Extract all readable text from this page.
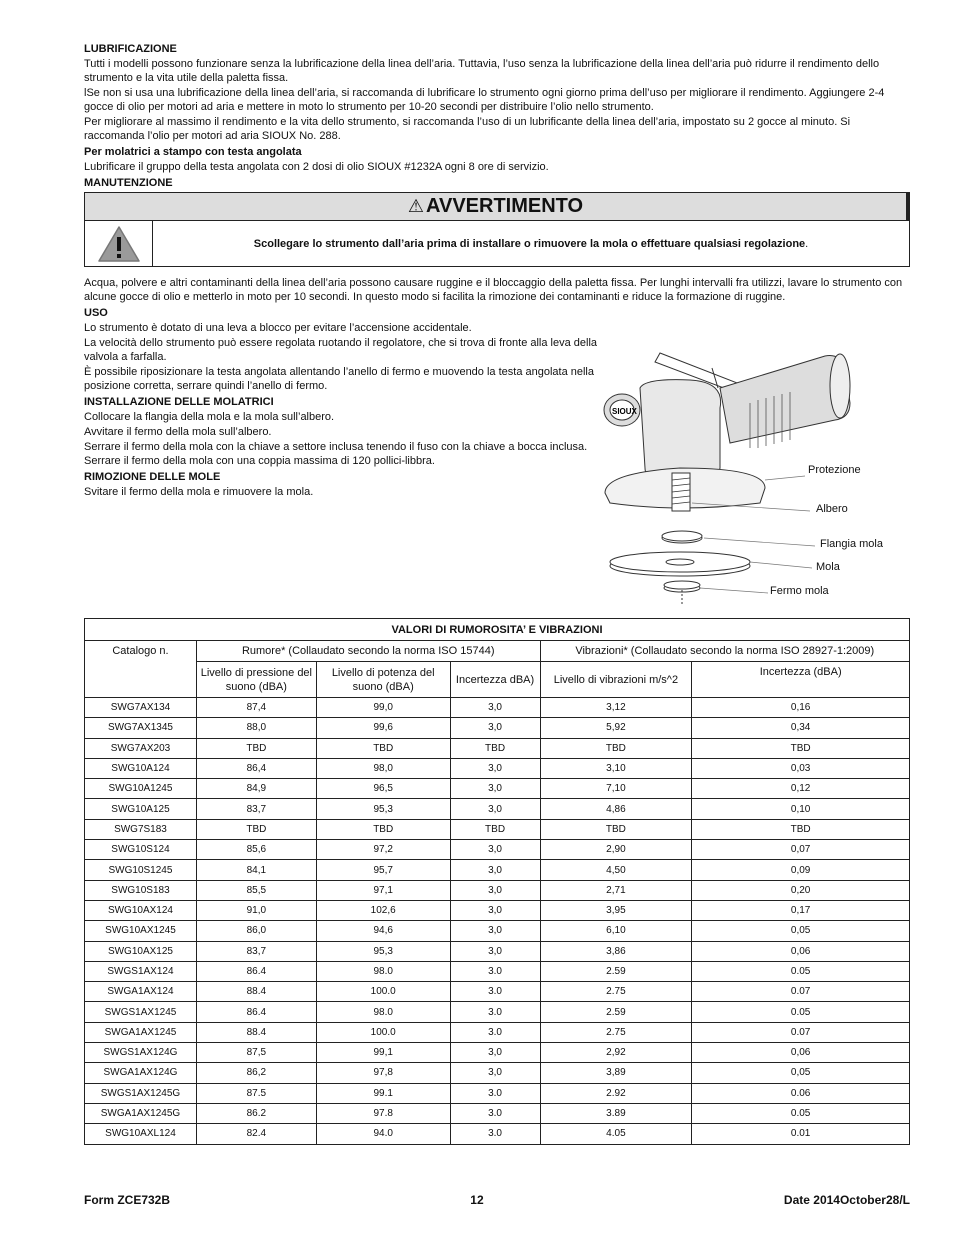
LUBRIFICAZIONE
Tutti i modelli possono funzionare senza la lubrificazione della linea dell’aria. Tuttavia, l’uso senza la lubrificazione della linea dell’aria può ridurre il rendimento dello strumento e la vita utile della paletta fissa.
lSe non si usa una lubrificazione della linea dell’aria, si raccomanda di lubrificare lo strumento ogni giorno prima dell’uso per migliorare il rendimento. Aggiungere 2-4 gocce di olio per motori ad aria e mettere in moto lo strumento per 10-20 secondi per distribuire l’olio nello strumento.
Per migliorare al massimo il rendimento e la vita dello strumento, si raccomanda l’uso di un lubrificante della linea dell’aria, impostato su 2 gocce al minuto. Si raccomanda l’olio per motori ad aria SIOUX No. 288.
Per molatrici a stampo con testa angolata
Lubrificare il gruppo della testa angolata con 2 dosi di olio SIOUX #1232A ogni 8 ore di servizio.
MANUTENZIONE
⚠ AVVERTIMENTO
Scollegare lo strumento dall’aria prima di installare o rimuovere la mola o effettuare qualsiasi regolazione .
Acqua, polvere e altri contaminanti della linea dell’aria possono causare ruggine e il bloccaggio della paletta fissa. Per lunghi intervalli fra utilizzi, lavare lo strumento con alcune gocce di olio e metterlo in moto per 10 secondi. In questo modo si facilita la rimozione dei contaminanti e riduce la formazione di ruggine.
USO
Lo strumento è dotato di una leva a blocco per evitare l’accensione accidentale.
La velocità dello strumento può essere regolata ruotando il regolatore, che si trova di fronte alla leva della valvola a farfalla.
È possibile riposizionare la testa angolata allentando l’anello di fermo e muovendo la testa angolata nella posizione corretta, serrare quindi l’anello di fermo.
INSTALLAZIONE DELLE MOLATRICI
Collocare la flangia della mola e la mola sull’albero.
Avvitare il fermo della mola sull’albero.
Serrare il fermo della mola con la chiave a settore inclusa tenendo il fuso con la chiave a bocca inclusa. Serrare il fermo della mola con una coppia massima di 120 pollici-libbra.
RIMOZIONE DELLE MOLE
Svitare il fermo della mola e rimuovere la mola.
SIOUX
Protezione
Albero
Flangia mola
Mola
Fermo mola
VALORI DI RUMOROSITA’ E VIBRAZIONI					
Catalogo n.	Rumore* (Collaudato secondo la norma ISO 15744)			Vibrazioni* (Collaudato secondo la norma ISO 28927-1:2009)	
	Livello di pressione del suono (dBA)	Livello di potenza del suono (dBA)	Incertezza dBA)	Livello di vibrazioni m/s^2	Incertezza (dBA)
SWG7AX134	87,4	99,0	3,0	3,12	0,16
SWG7AX1345	88,0	99,6	3,0	5,92	0,34
SWG7AX203	TBD	TBD	TBD	TBD	TBD
SWG10A124	86,4	98,0	3,0	3,10	0,03
SWG10A1245	84,9	96,5	3,0	7,10	0,12
SWG10A125	83,7	95,3	3,0	4,86	0,10
SWG7S183	TBD	TBD	TBD	TBD	TBD
SWG10S124	85,6	97,2	3,0	2,90	0,07
SWG10S1245	84,1	95,7	3,0	4,50	0,09
SWG10S183	85,5	97,1	3,0	2,71	0,20
SWG10AX124	91,0	102,6	3,0	3,95	0,17
SWG10AX1245	86,0	94,6	3,0	6,10	0,05
SWG10AX125	83,7	95,3	3,0	3,86	0,06
SWGS1AX124	86.4	98.0	3.0	2.59	0.05
SWGA1AX124	88.4	100.0	3.0	2.75	0.07
SWGS1AX1245	86.4	98.0	3.0	2.59	0.05
SWGA1AX1245	88.4	100.0	3.0	2.75	0.07
SWGS1AX124G	87,5	99,1	3,0	2,92	0,06
SWGA1AX124G	86,2	97,8	3,0	3,89	0,05
SWGS1AX1245G	87.5	99.1	3.0	2.92	0.06
SWGA1AX1245G	86.2	97.8	3.0	3.89	0.05
SWG10AXL124	82.4	94.0	3.0	4.05	0.01
Form ZCE732B	12	Date 2014October28/L
